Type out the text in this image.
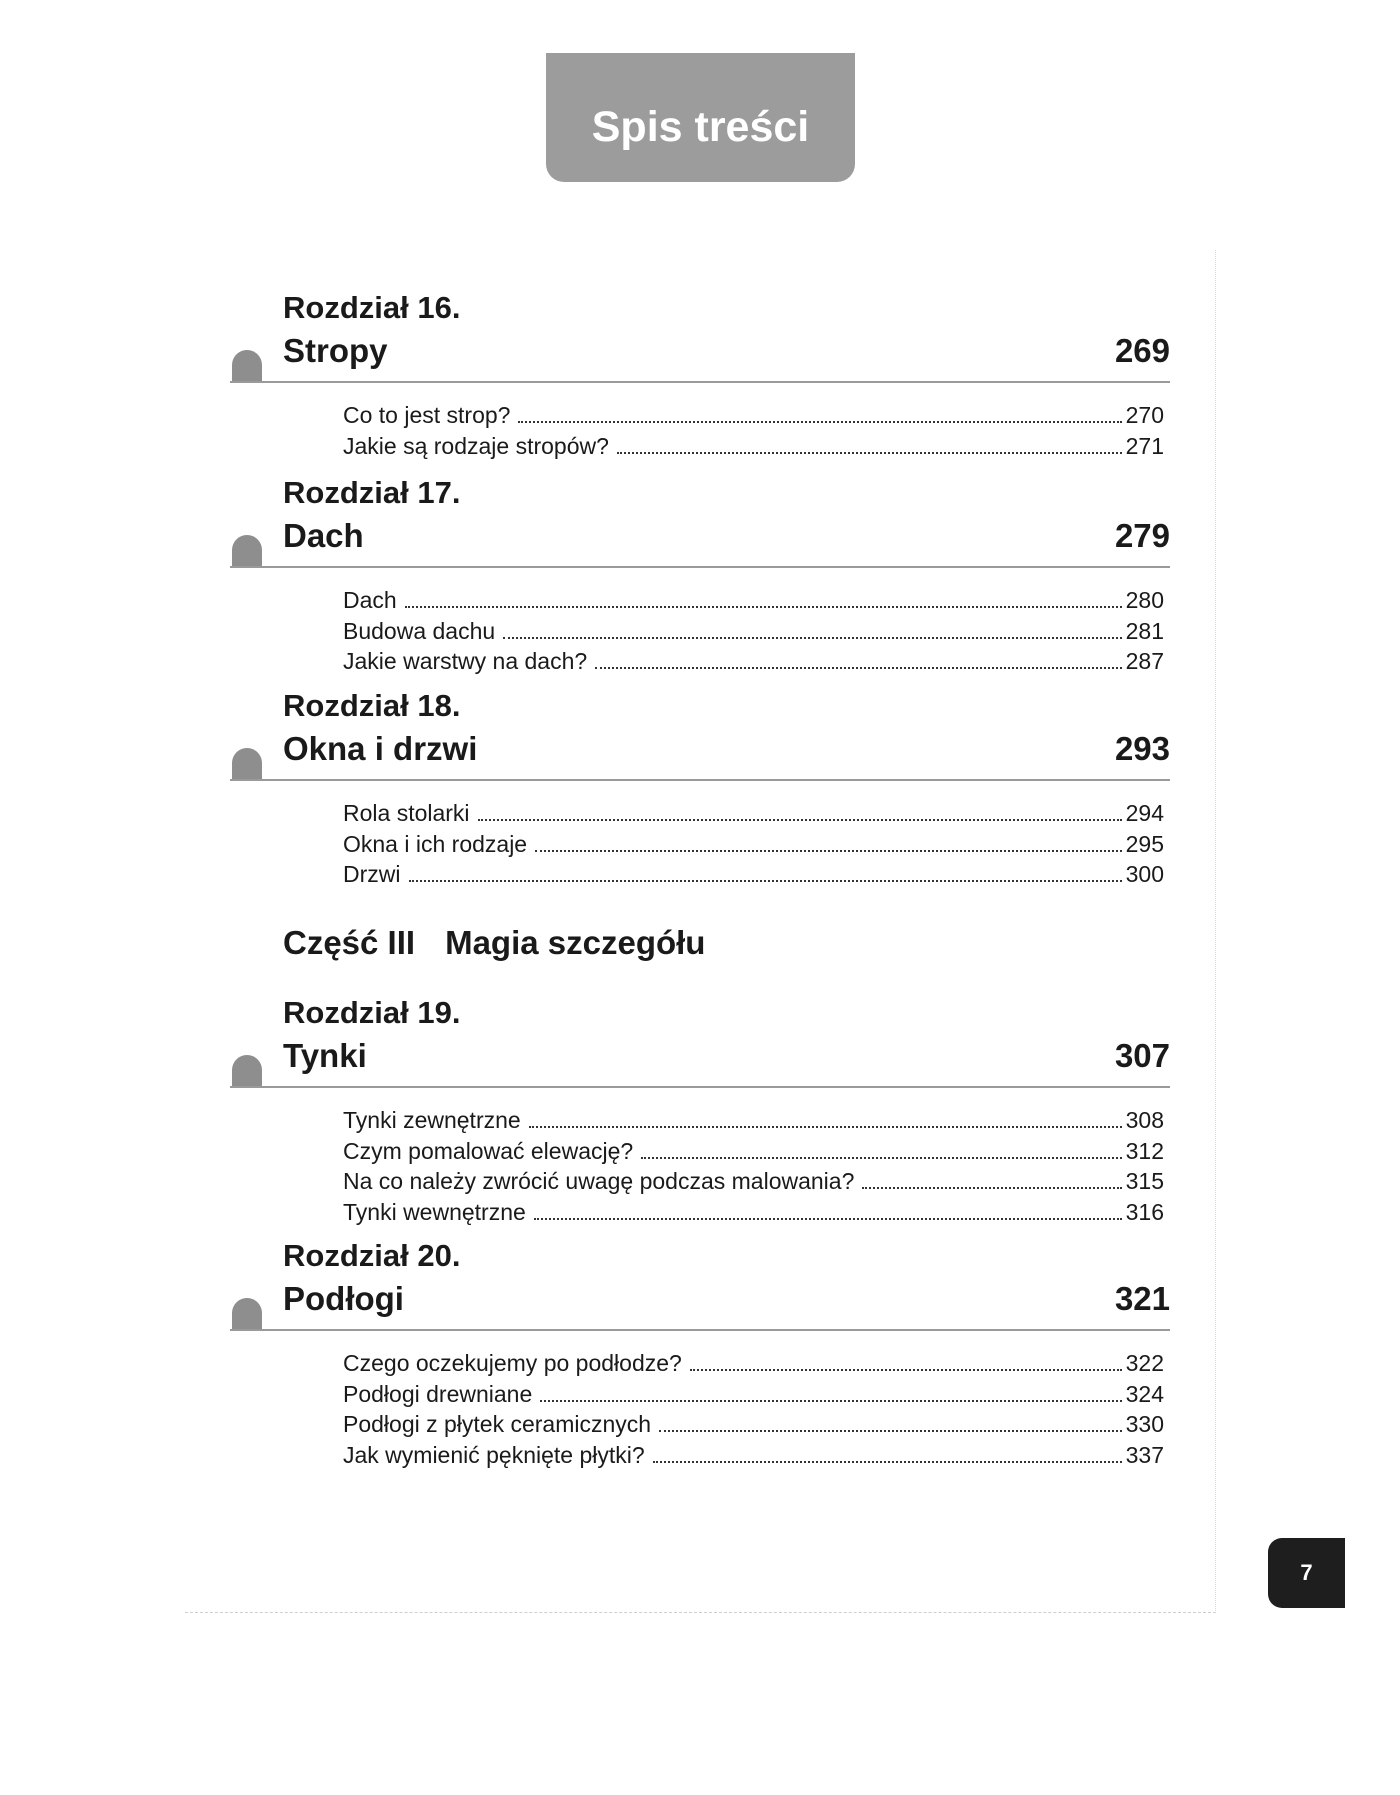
Spis treści
Rozdział 16.
Stropy	269
Co to jest strop?	270
Jakie są rodzaje stropów?	271
Rozdział 17.
Dach	279
Dach	280
Budowa dachu	281
Jakie warstwy na dach?	287
Rozdział 18.
Okna i drzwi	293
Rola stolarki	294
Okna i ich rodzaje	295
Drzwi	300
Część III Magia szczegółu
Rozdział 19.
Tynki	307
Tynki zewnętrzne	308
Czym pomalować elewację?	312
Na co należy zwrócić uwagę podczas malowania?	315
Tynki wewnętrzne	316
Rozdział 20.
Podłogi	321
Czego oczekujemy po podłodze?	322
Podłogi drewniane	324
Podłogi z płytek ceramicznych	330
Jak wymienić pęknięte płytki?	337
7
